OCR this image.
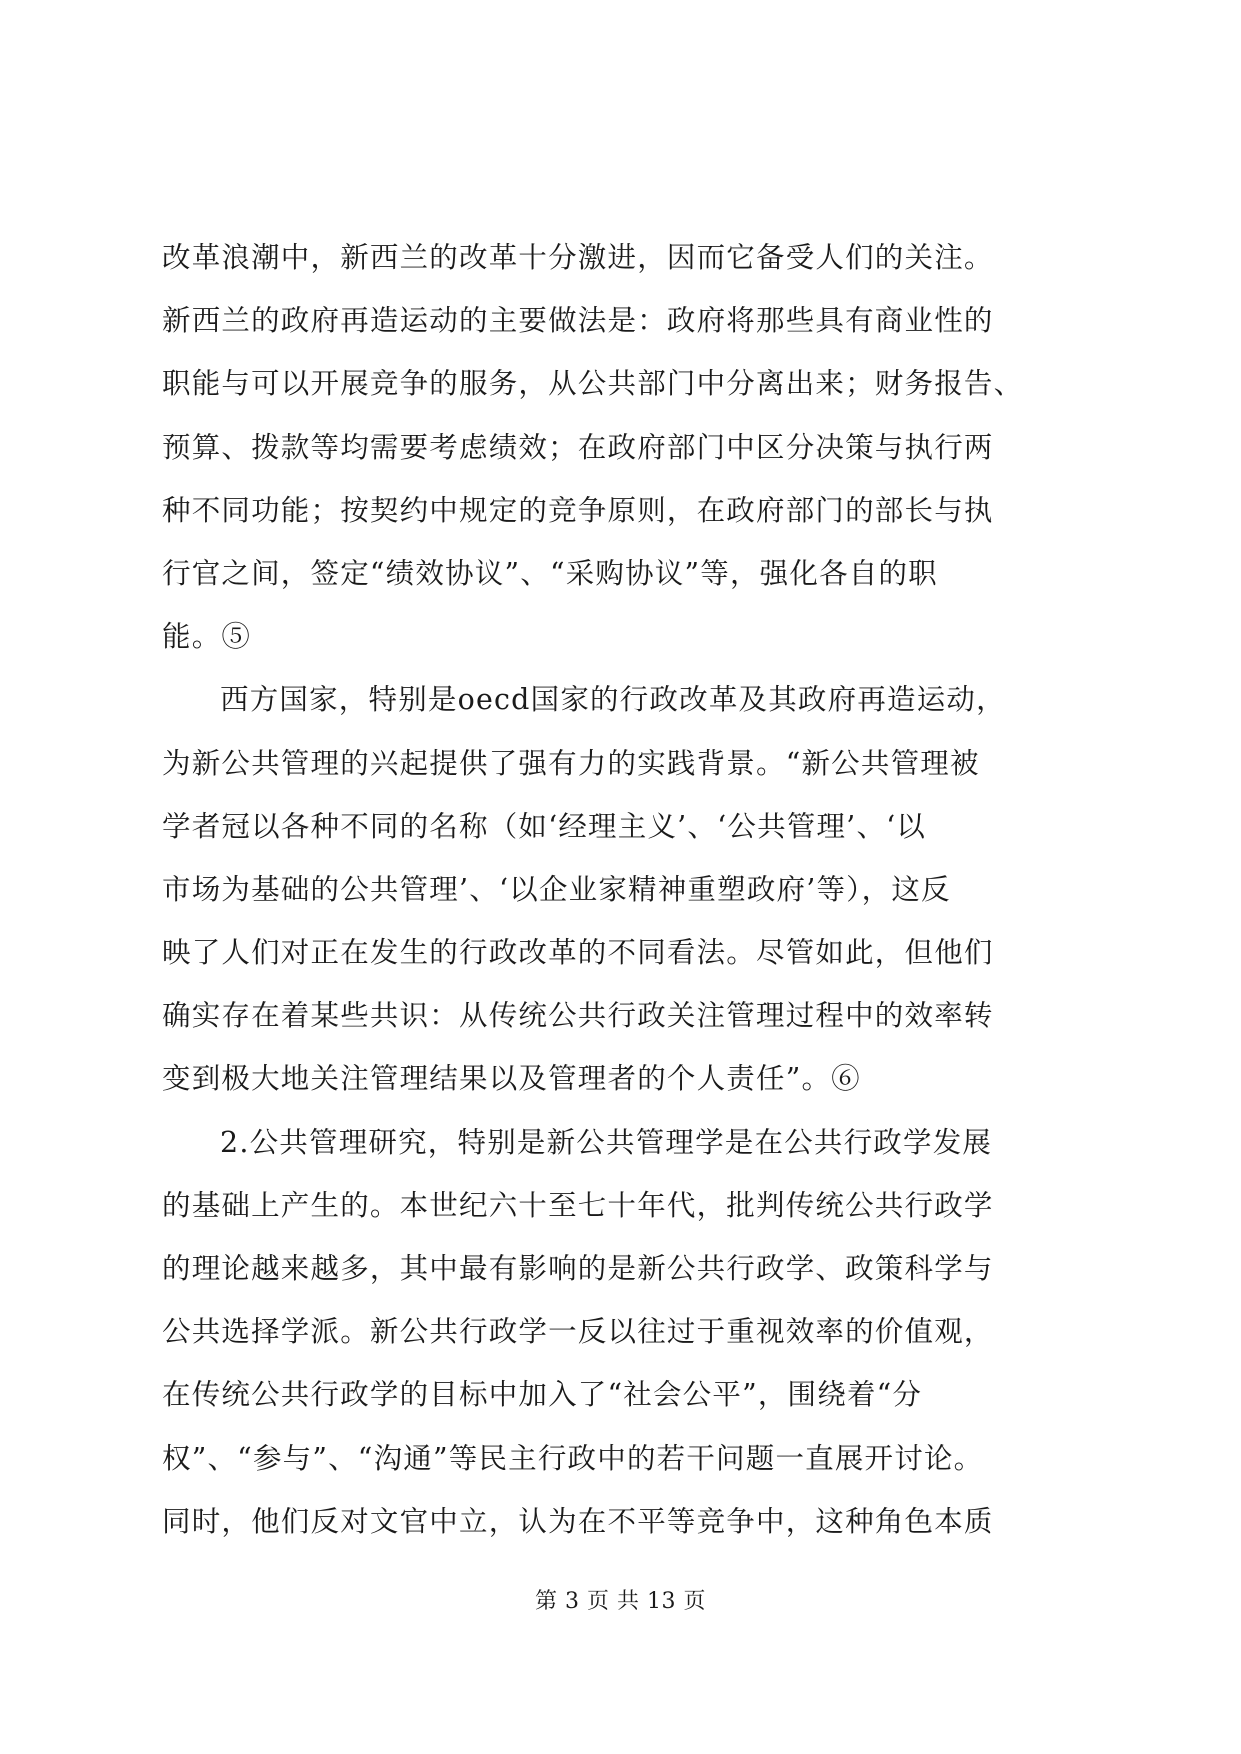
改革浪潮中，新西兰的改革十分激进，因而它备受人们的关注。
新西兰的政府再造运动的主要做法是：政府将那些具有商业性的
职能与可以开展竞争的服务，从公共部门中分离出来；财务报告、
预算、拨款等均需要考虑绩效；在政府部门中区分决策与执行两
种不同功能；按契约中规定的竞争原则，在政府部门的部长与执
行官之间，签定“绩效协议”、“采购协议”等，强化各自的职
能。⑤
西方国家，特别是oecd国家的行政改革及其政府再造运动，
为新公共管理的兴起提供了强有力的实践背景。“新公共管理被
学者冠以各种不同的名称（如‘经理主义’、‘公共管理’、‘以
市场为基础的公共管理’、‘以企业家精神重塑政府’等），这反
映了人们对正在发生的行政改革的不同看法。尽管如此，但他们
确实存在着某些共识：从传统公共行政关注管理过程中的效率转
变到极大地关注管理结果以及管理者的个人责任”。⑥
2.公共管理研究，特别是新公共管理学是在公共行政学发展
的基础上产生的。本世纪六十至七十年代，批判传统公共行政学
的理论越来越多，其中最有影响的是新公共行政学、政策科学与
公共选择学派。新公共行政学一反以往过于重视效率的价值观，
在传统公共行政学的目标中加入了“社会公平”，围绕着“分
权”、“参与”、“沟通”等民主行政中的若干问题一直展开讨论。
同时，他们反对文官中立，认为在不平等竞争中，这种角色本质
第 3 页 共 13 页
